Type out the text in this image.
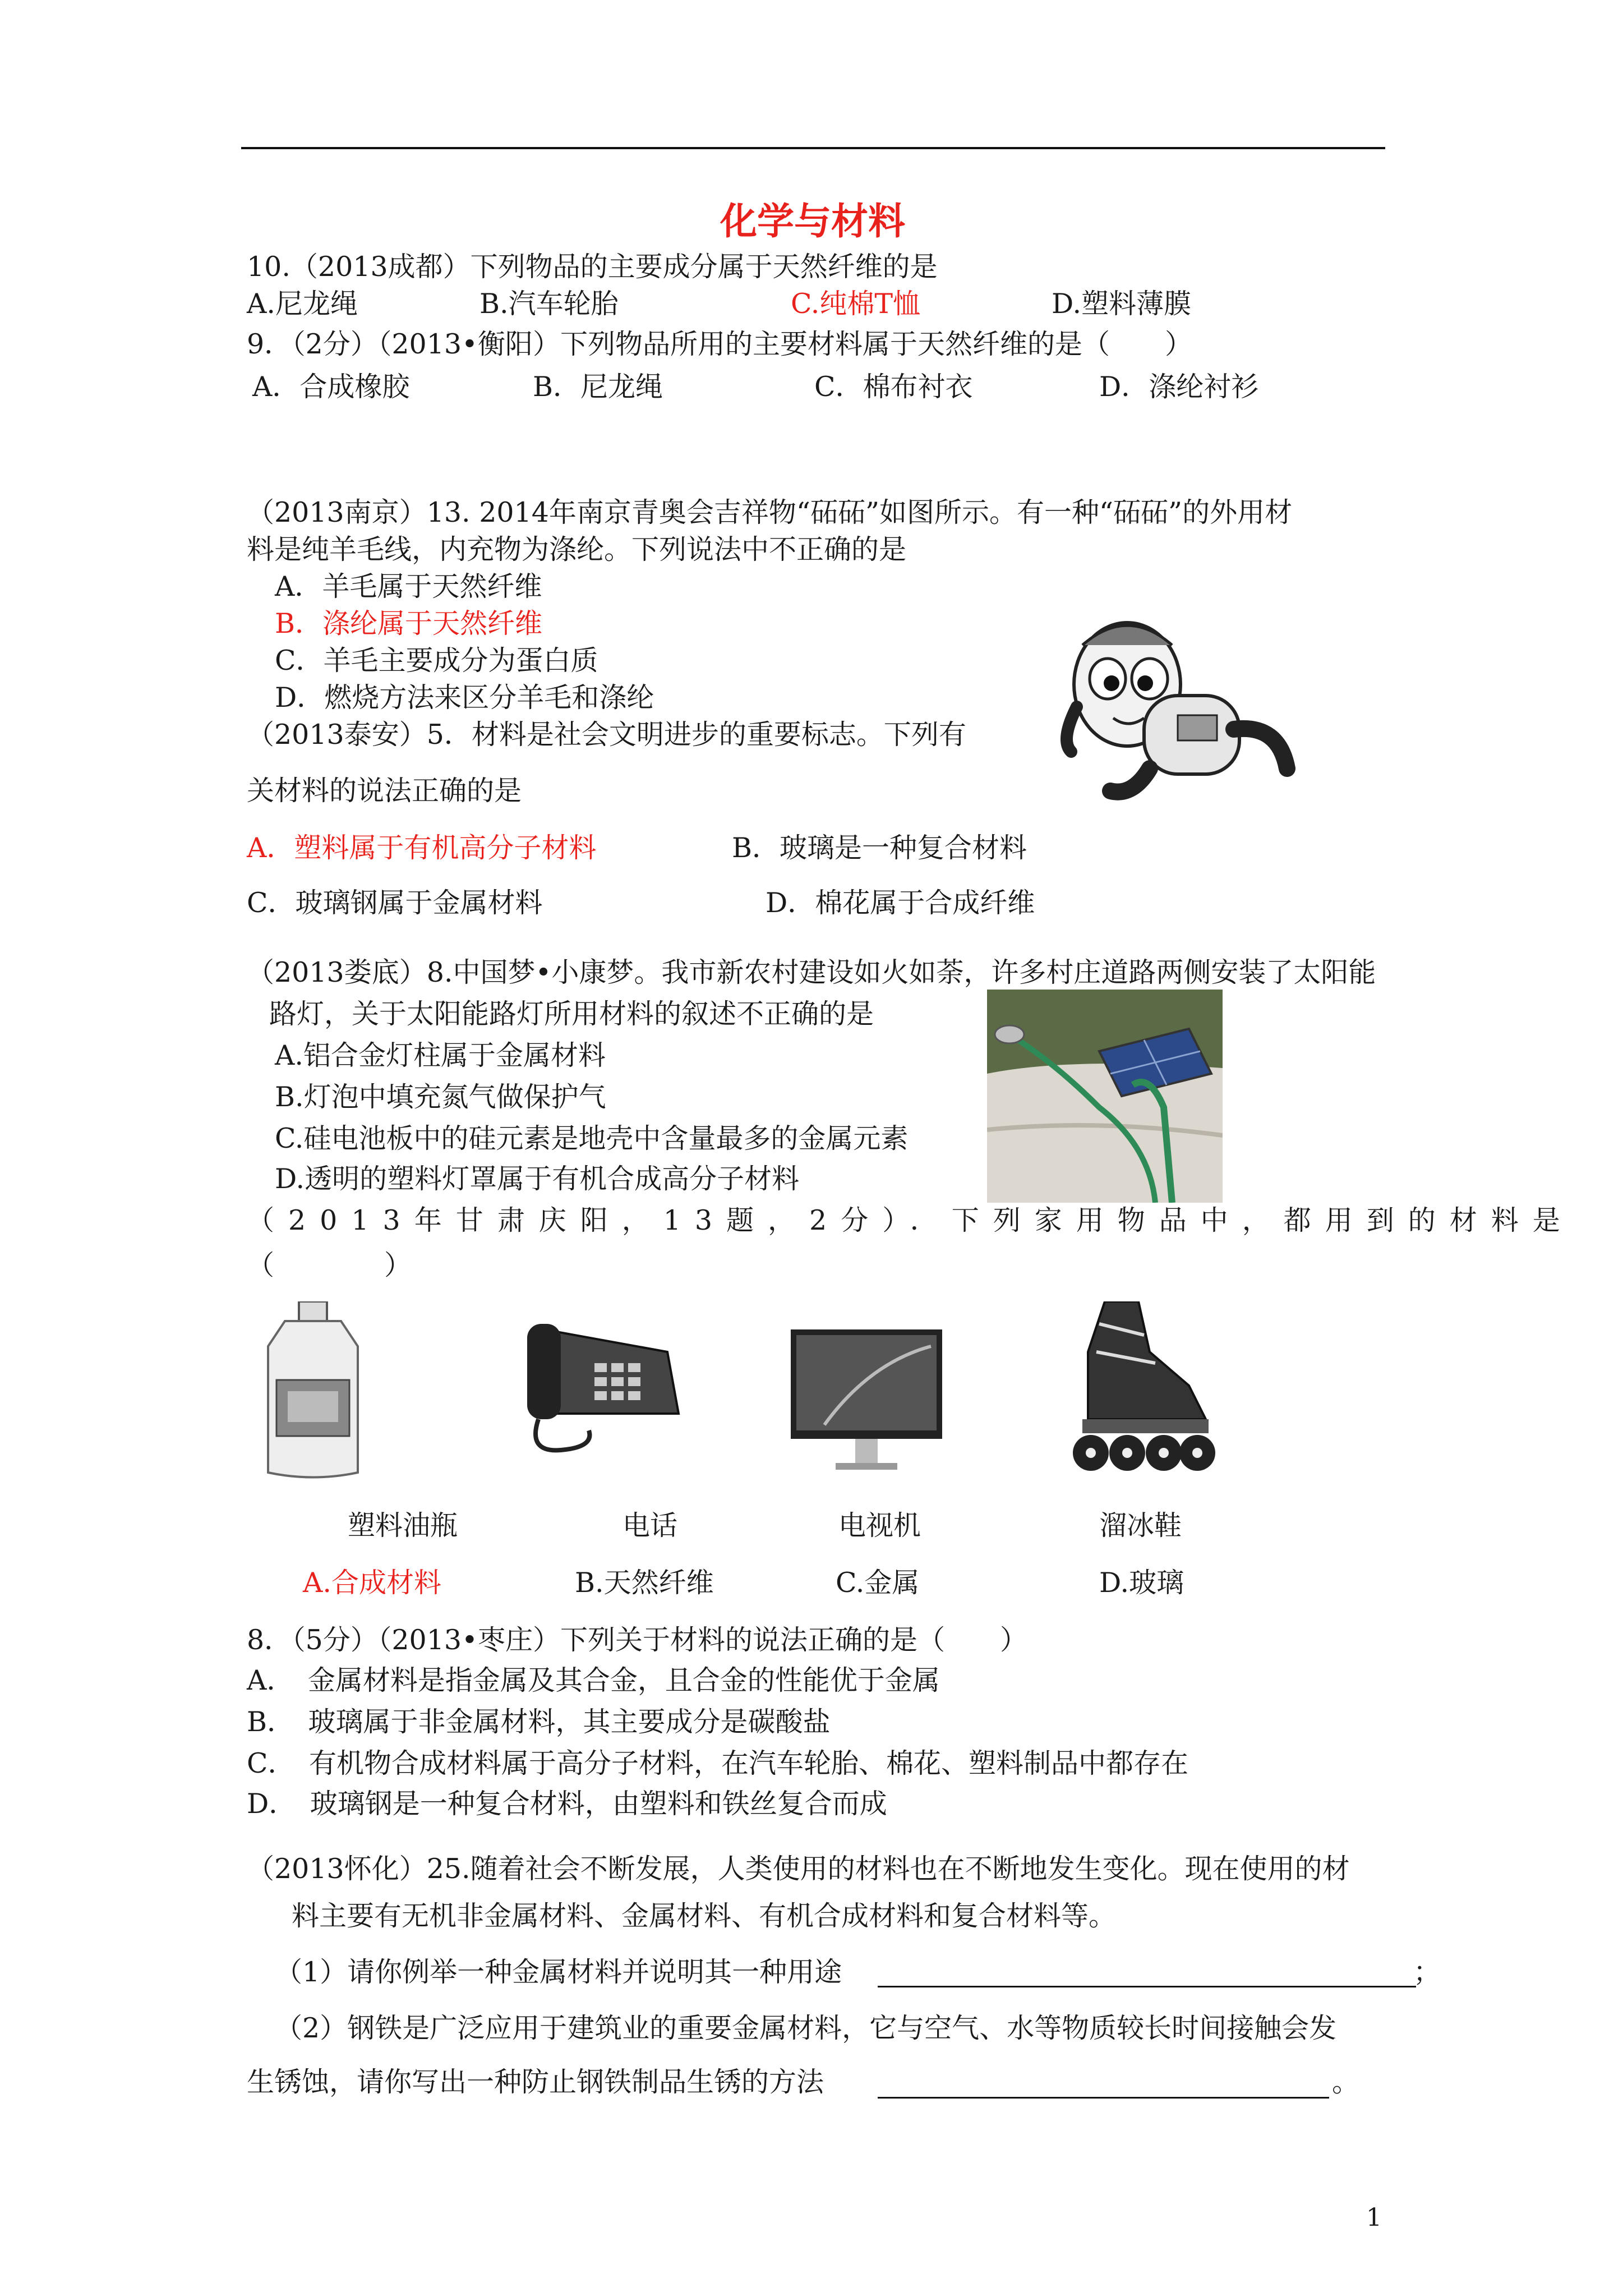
化学与材料
10.（2013成都）下列物品的主要成分属于天然纤维的是
A.尼龙绳	B.汽车轮胎	C.纯棉T恤	D.塑料薄膜
9．（2分）（2013•衡阳）下列物品所用的主要材料属于天然纤维的是（　　）
A．合成橡胶	B．尼龙绳	C．棉布衬衣	D．涤纶衬衫
（2013南京）13. 2014年南京青奥会吉祥物“砳砳”如图所示。有一种“砳砳”的外用材
料是纯羊毛线，内充物为涤纶。下列说法中不正确的是
A．羊毛属于天然纤维
B．涤纶属于天然纤维
C．羊毛主要成分为蛋白质
D．燃烧方法来区分羊毛和涤纶
（2013泰安）5．材料是社会文明进步的重要标志。下列有
关材料的说法正确的是
A．塑料属于有机高分子材料	B．玻璃是一种复合材料
C．玻璃钢属于金属材料	D．棉花属于合成纤维
（2013娄底）8.中国梦•小康梦。我市新农村建设如火如荼，许多村庄道路两侧安装了太阳能
路灯，关于太阳能路灯所用材料的叙述不正确的是
A.铝合金灯柱属于金属材料
B.灯泡中填充氮气做保护气
C.硅电池板中的硅元素是地壳中含量最多的金属元素
D.透明的塑料灯罩属于有机合成高分子材料
（2013年甘肃庆阳，13题，2分）．下列家用物品中，都用到的材料是
（　　　　）
塑料油瓶	电话	电视机	溜冰鞋
A.合成材料	B.天然纤维	C.金属	D.玻璃
8．（5分）（2013•枣庄）下列关于材料的说法正确的是（　　）
A．　金属材料是指金属及其合金，且合金的性能优于金属
B．　玻璃属于非金属材料，其主要成分是碳酸盐
C．　有机物合成材料属于高分子材料，在汽车轮胎、棉花、塑料制品中都存在
D．　玻璃钢是一种复合材料，由塑料和铁丝复合而成
（2013怀化）25.随着社会不断发展，人类使用的材料也在不断地发生变化。现在使用的材
料主要有无机非金属材料、金属材料、有机合成材料和复合材料等。
（1）请你例举一种金属材料并说明其一种用途	；
（2）钢铁是广泛应用于建筑业的重要金属材料，它与空气、水等物质较长时间接触会发
生锈蚀，请你写出一种防止钢铁制品生锈的方法	。
1
